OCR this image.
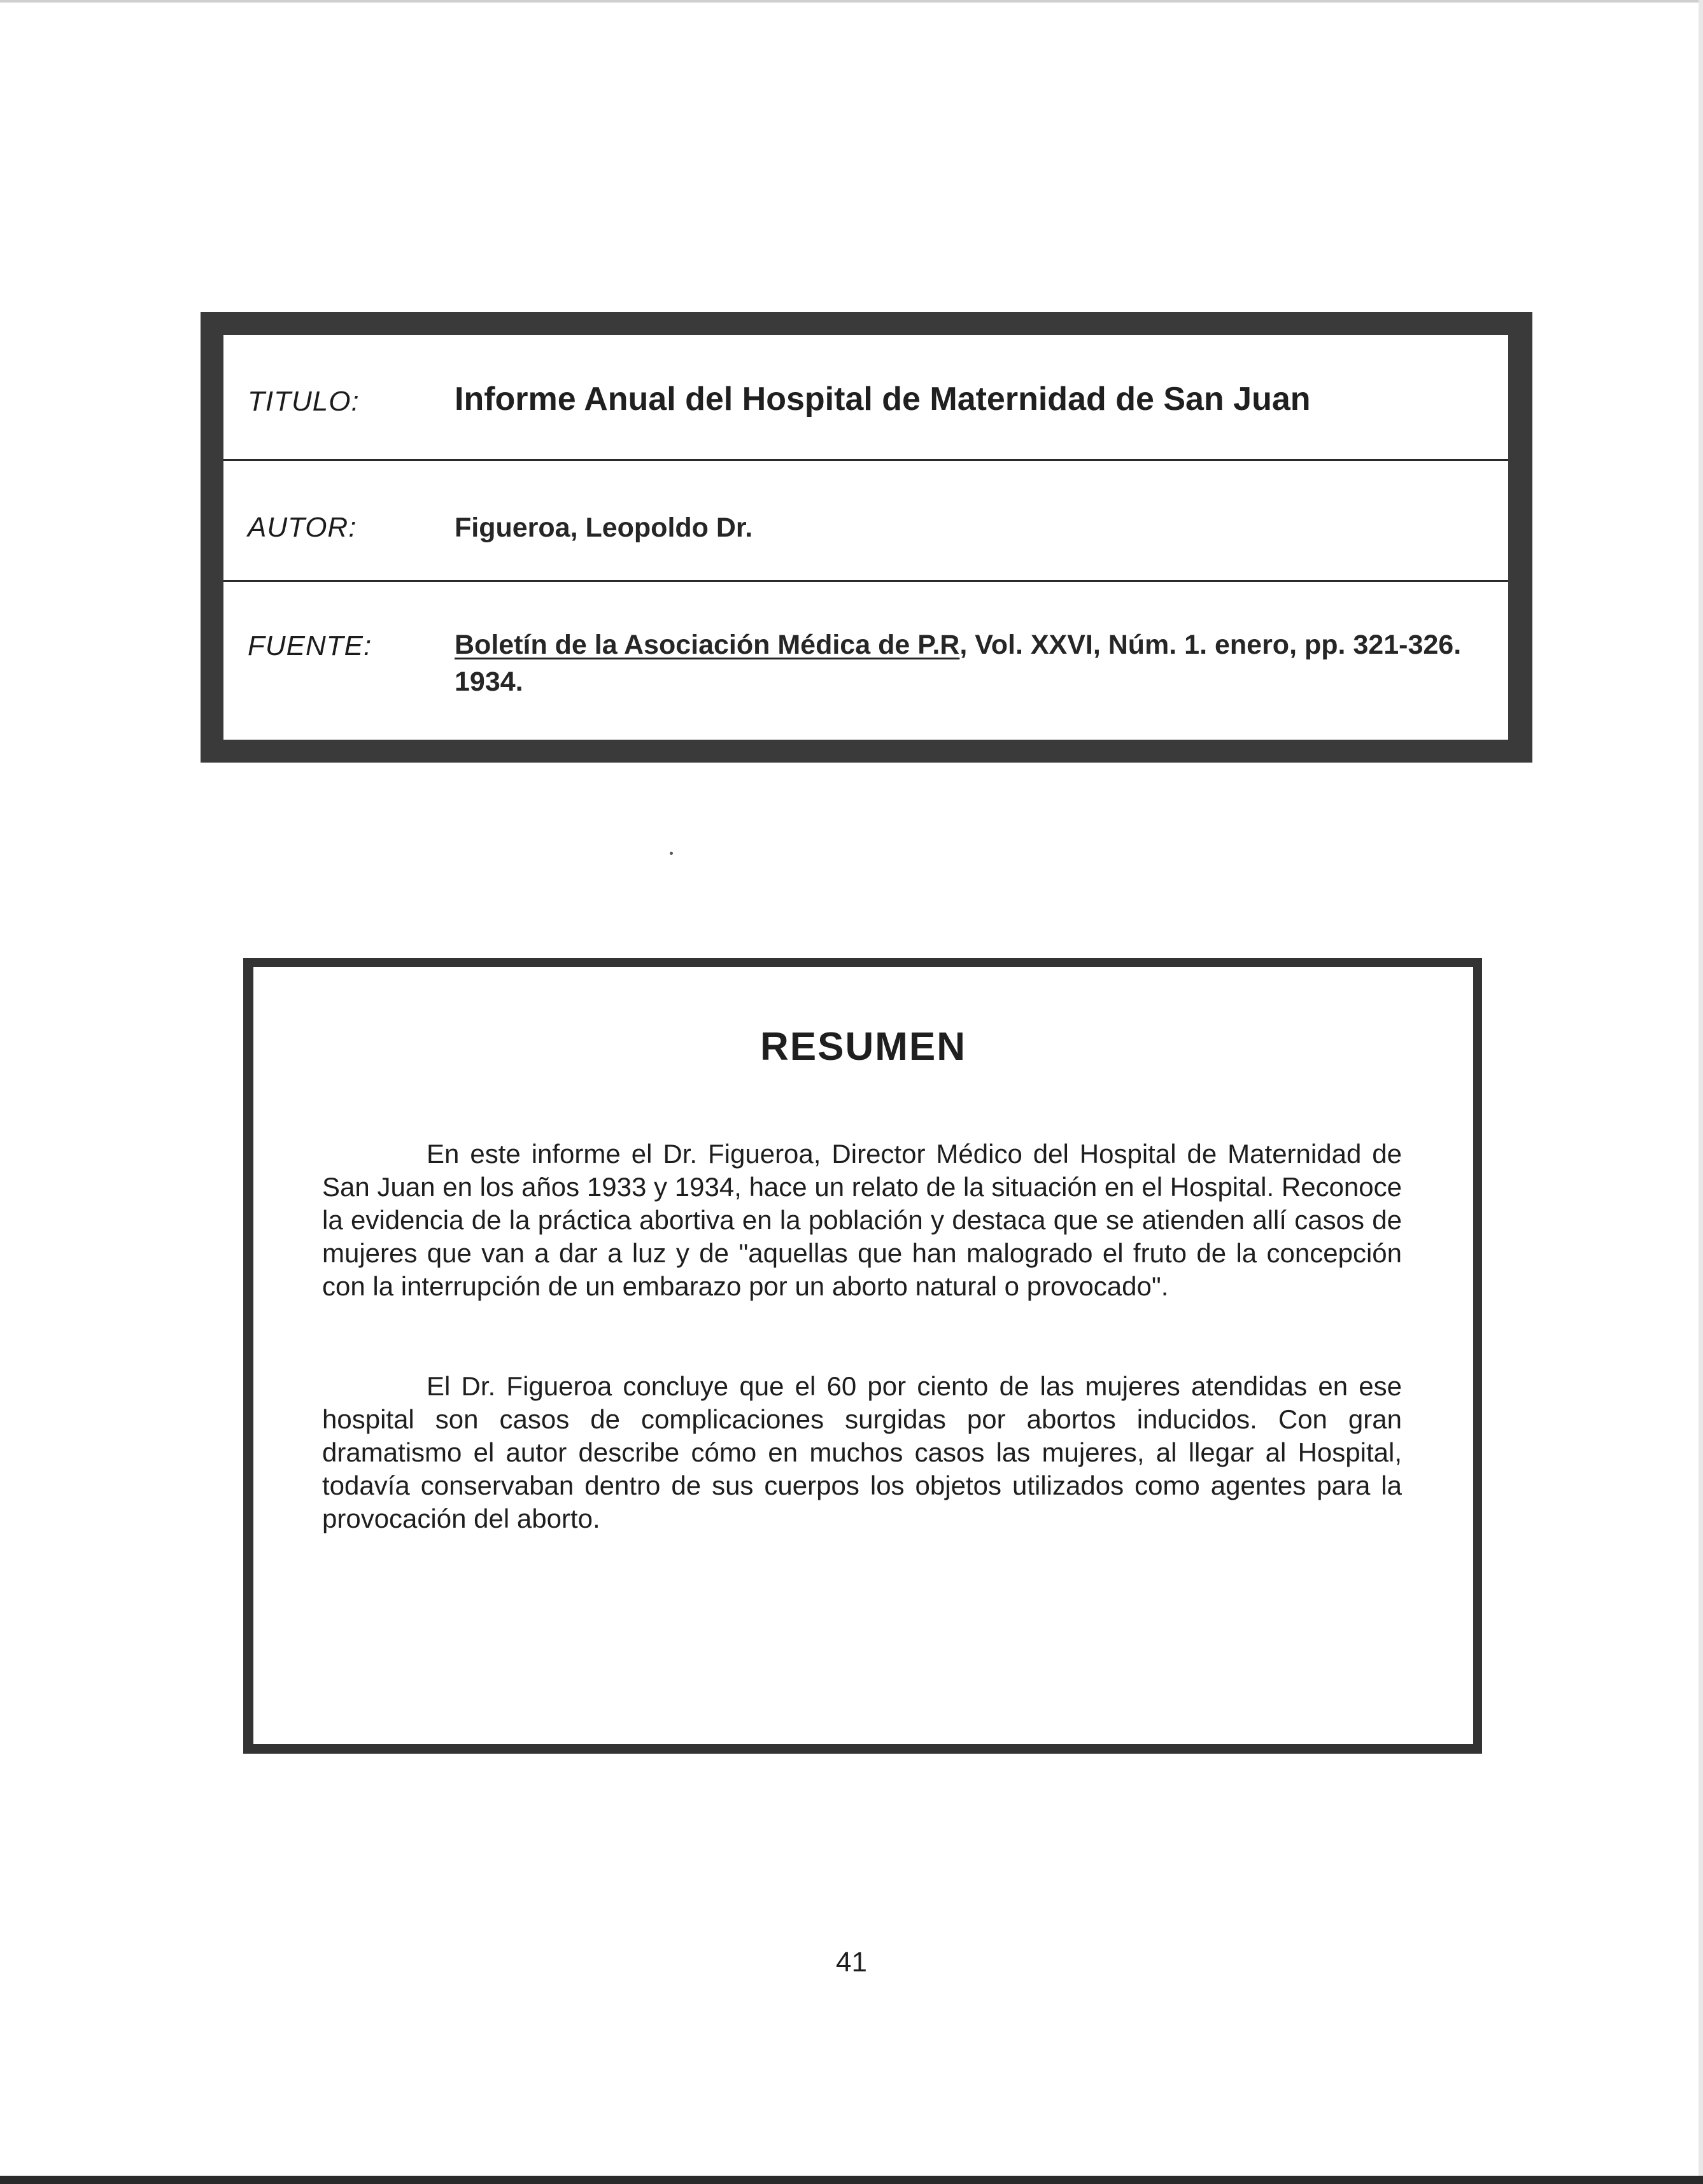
TITULO:	Informe Anual del Hospital de Maternidad de San Juan
AUTOR:	Figueroa, Leopoldo Dr.
FUENTE:	Boletín de la Asociación Médica de P.R, Vol. XXVI, Núm. 1. enero, pp. 321-326. 1934.
RESUMEN

En este informe el Dr. Figueroa, Director Médico del Hospital de Maternidad de San Juan en los años 1933 y 1934, hace un relato de la situación en el Hospital. Reconoce la evidencia de la práctica abortiva en la población y destaca que se atienden allí casos de mujeres que van a dar a luz y de "aquellas que han malogrado el fruto de la concepción con la interrupción de un embarazo por un aborto natural o provocado".

El Dr. Figueroa concluye que el 60 por ciento de las mujeres atendidas en ese hospital son casos de complicaciones surgidas por abortos inducidos. Con gran dramatismo el autor describe cómo en muchos casos las mujeres, al llegar al Hospital, todavía conservaban dentro de sus cuerpos los objetos utilizados como agentes para la provocación del aborto.

41
